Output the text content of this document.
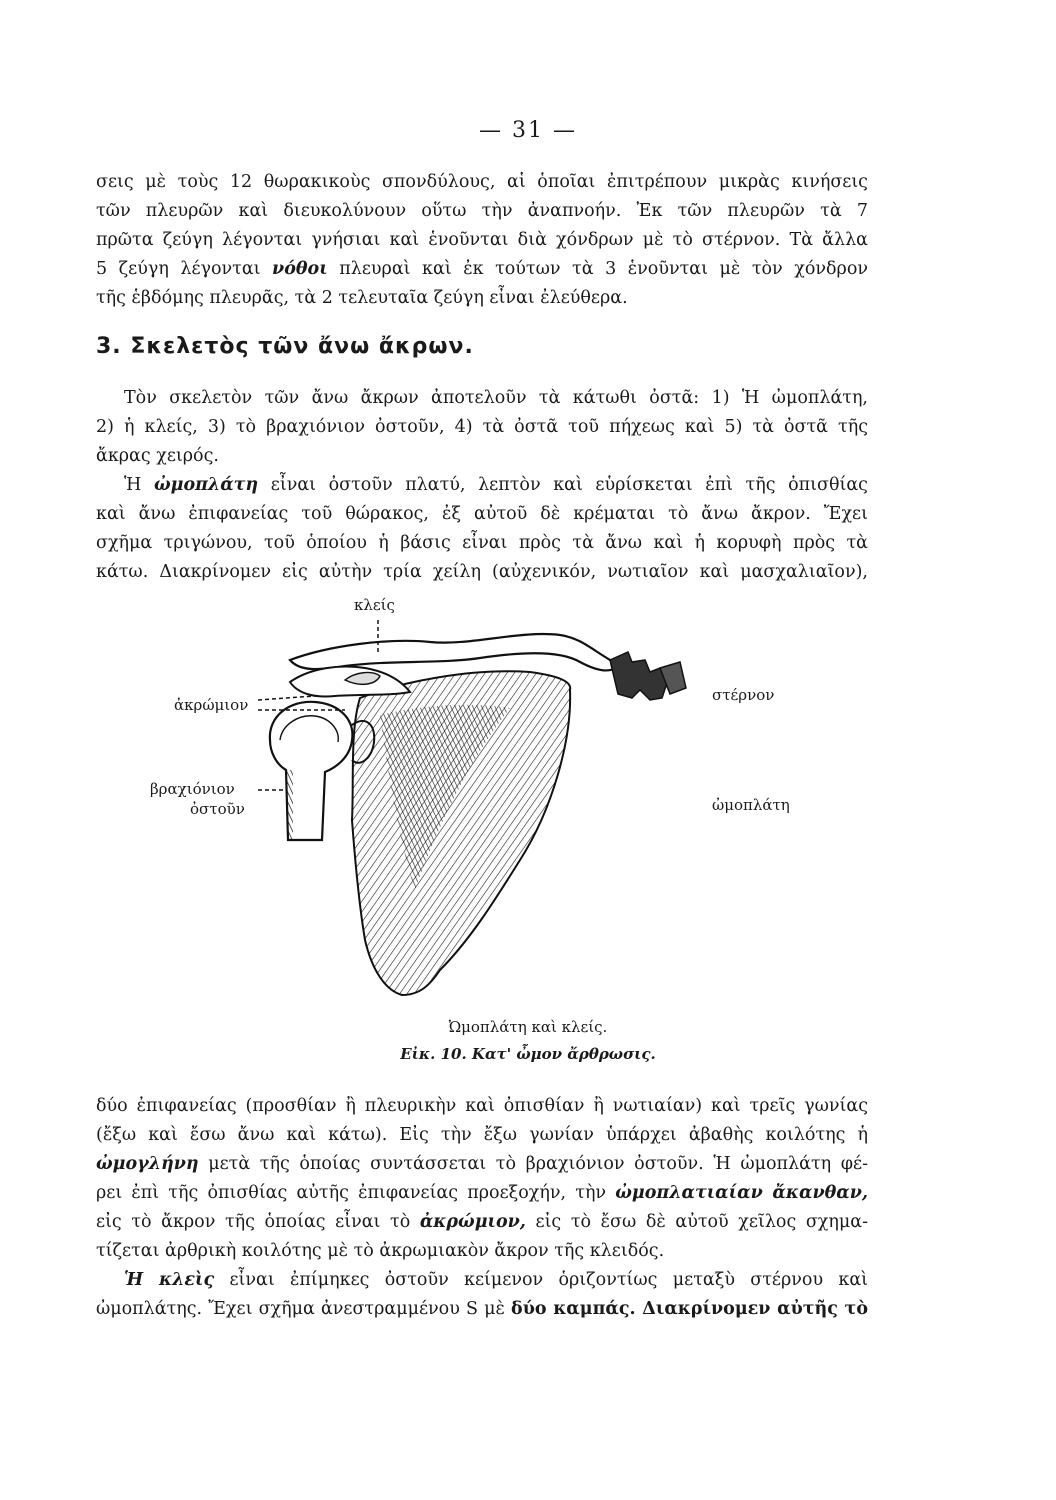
— 31 —

σεις μὲ τοὺς 12 θωρακικοὺς σπονδύλους, αἱ ὁποῖαι ἐπιτρέπουν μικρὰς κινήσεις

τῶν πλευρῶν καὶ διευκολύνουν οὕτω τὴν ἀναπνοήν. Ἐκ τῶν πλευρῶν τὰ 7

πρῶτα ζεύγη λέγονται γνήσιαι καὶ ἑνοῦνται διὰ χόνδρων μὲ τὸ στέρνον. Τὰ ἄλλα

5 ζεύγη λέγονται νόθοι πλευραὶ καὶ ἐκ τούτων τὰ 3 ἑνοῦνται μὲ τὸν χόνδρον

τῆς ἑβδόμης πλευρᾶς, τὰ 2 τελευταῖα ζεύγη εἶναι ἐλεύθερα.

3. Σκελετὸς τῶν ἄνω ἄκρων.

Τὸν σκελετὸν τῶν ἄνω ἄκρων ἀποτελοῦν τὰ κάτωθι ὀστᾶ: 1) Ἡ ὠμοπλάτη,

2) ἡ κλείς, 3) τὸ βραχιόνιον ὀστοῦν, 4) τὰ ὀστᾶ τοῦ πήχεως καὶ 5) τὰ ὀστᾶ τῆς

ἄκρας χειρός.

Ἡ ὠμοπλάτη εἶναι ὀστοῦν πλατύ, λεπτὸν καὶ εὑρίσκεται ἐπὶ τῆς ὀπισθίας

καὶ ἄνω ἐπιφανείας τοῦ θώρακος, ἐξ αὐτοῦ δὲ κρέμαται τὸ ἄνω ἄκρον. Ἔχει

σχῆμα τριγώνου, τοῦ ὁποίου ἡ βάσις εἶναι πρὸς τὰ ἄνω καὶ ἡ κορυφὴ πρὸς τὰ

κάτω. Διακρίνομεν εἰς αὐτὴν τρία χείλη (αὐχενικόν, νωτιαῖον καὶ μασχαλιαῖον),

κλείς
ἀκρώμιον
βραχιόνιον
ὀστοῦν
στέρνον
ὠμοπλάτη
Ὠμοπλάτη καὶ κλείς.
Εἰκ. 10. Κατ' ὦμον ἄρθρωσις.

δύο ἐπιφανείας (προσθίαν ἢ πλευρικὴν καὶ ὀπισθίαν ἢ νωτιαίαν) καὶ τρεῖς γωνίας

(ἔξω καὶ ἔσω ἄνω καὶ κάτω). Εἰς τὴν ἔξω γωνίαν ὑπάρχει ἀβαθὴς κοιλότης ἡ

ὠμογλήνη μετὰ τῆς ὁποίας συντάσσεται τὸ βραχιόνιον ὀστοῦν. Ἡ ὠμοπλάτη φέ-

ρει ἐπὶ τῆς ὀπισθίας αὐτῆς ἐπιφανείας προεξοχήν, τὴν ὠμοπλατιαίαν ἄκανθαν,

εἰς τὸ ἄκρον τῆς ὁποίας εἶναι τὸ ἀκρώμιον, εἰς τὸ ἔσω δὲ αὐτοῦ χεῖλος σχημα-

τίζεται ἀρθρικὴ κοιλότης μὲ τὸ ἀκρωμιακὸν ἄκρον τῆς κλειδός.

Ἡ κλεὶς εἶναι ἐπίμηκες ὀστοῦν κείμενον ὁριζοντίως μεταξὺ στέρνου καὶ

ὠμοπλάτης. Ἔχει σχῆμα ἀνεστραμμένου S μὲ δύο καμπάς. Διακρίνομεν αὐτῆς τὸ
